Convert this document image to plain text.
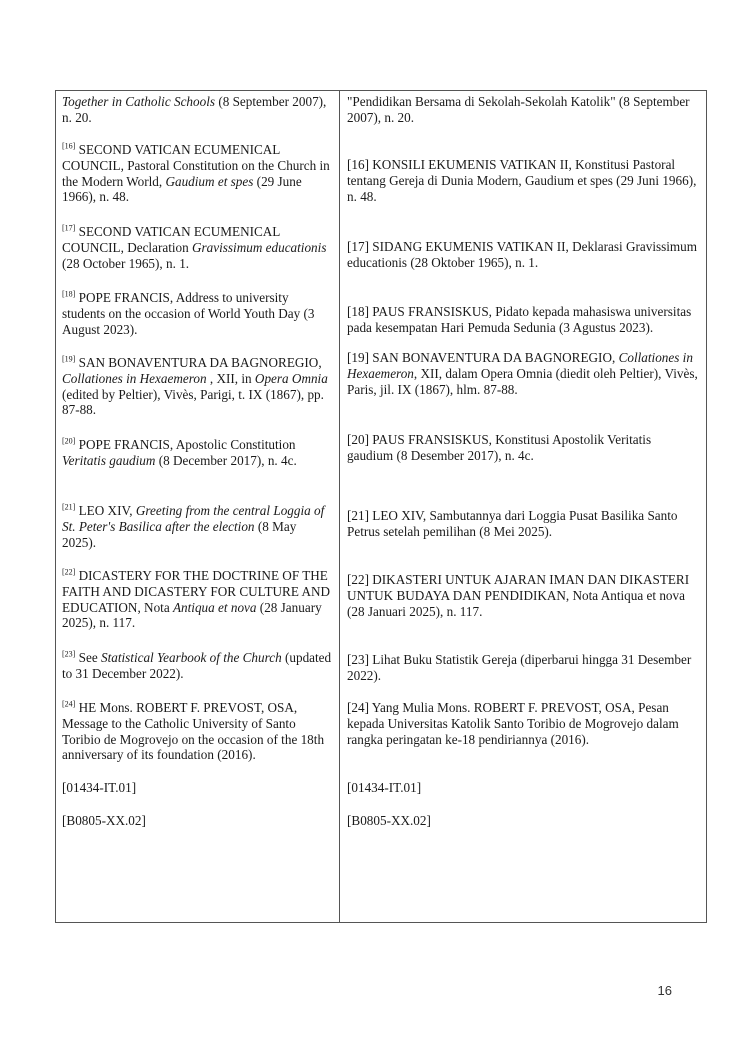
Together in Catholic Schools (8 September 2007), n. 20.
[16] SECOND VATICAN ECUMENICAL COUNCIL, Pastoral Constitution on the Church in the Modern World, Gaudium et spes (29 June 1966), n. 48.
[17] SECOND VATICAN ECUMENICAL COUNCIL, Declaration Gravissimum educationis (28 October 1965), n. 1.
[18] POPE FRANCIS, Address to university students on the occasion of World Youth Day (3 August 2023).
[19] SAN BONAVENTURA DA BAGNOREGIO, Collationes in Hexaemeron , XII, in Opera Omnia (edited by Peltier), Vivès, Parigi, t. IX (1867), pp. 87-88.
[20] POPE FRANCIS, Apostolic Constitution Veritatis gaudium (8 December 2017), n. 4c.
[21] LEO XIV, Greeting from the central Loggia of St. Peter's Basilica after the election (8 May 2025).
[22] DICASTERY FOR THE DOCTRINE OF THE FAITH AND DICASTERY FOR CULTURE AND EDUCATION, Nota Antiqua et nova (28 January 2025), n. 117.
[23] See Statistical Yearbook of the Church (updated to 31 December 2022).
[24] HE Mons. ROBERT F. PREVOST, OSA, Message to the Catholic University of Santo Toribio de Mogrovejo on the occasion of the 18th anniversary of its foundation (2016).
[01434-IT.01]
[B0805-XX.02]
"Pendidikan Bersama di Sekolah-Sekolah Katolik" (8 September 2007), n. 20.
[16] KONSILI EKUMENIS VATIKAN II, Konstitusi Pastoral tentang Gereja di Dunia Modern, Gaudium et spes (29 Juni 1966), n. 48.
[17] SIDANG EKUMENIS VATIKAN II, Deklarasi Gravissimum educationis (28 Oktober 1965), n. 1.
[18] PAUS FRANSISKUS, Pidato kepada mahasiswa universitas pada kesempatan Hari Pemuda Sedunia (3 Agustus 2023).
[19] SAN BONAVENTURA DA BAGNOREGIO, Collationes in Hexaemeron, XII, dalam Opera Omnia (diedit oleh Peltier), Vivès, Paris, jil. IX (1867), hlm. 87-88.
[20] PAUS FRANSISKUS, Konstitusi Apostolik Veritatis gaudium (8 Desember 2017), n. 4c.
[21] LEO XIV, Sambutannya dari Loggia Pusat Basilika Santo Petrus setelah pemilihan (8 Mei 2025).
[22] DIKASTERI UNTUK AJARAN IMAN DAN DIKASTERI UNTUK BUDAYA DAN PENDIDIKAN, Nota Antiqua et nova (28 Januari 2025), n. 117.
[23] Lihat Buku Statistik Gereja (diperbarui hingga 31 Desember 2022).
[24] Yang Mulia Mons. ROBERT F. PREVOST, OSA, Pesan kepada Universitas Katolik Santo Toribio de Mogrovejo dalam rangka peringatan ke-18 pendiriannya (2016).
[01434-IT.01]
[B0805-XX.02]
16
